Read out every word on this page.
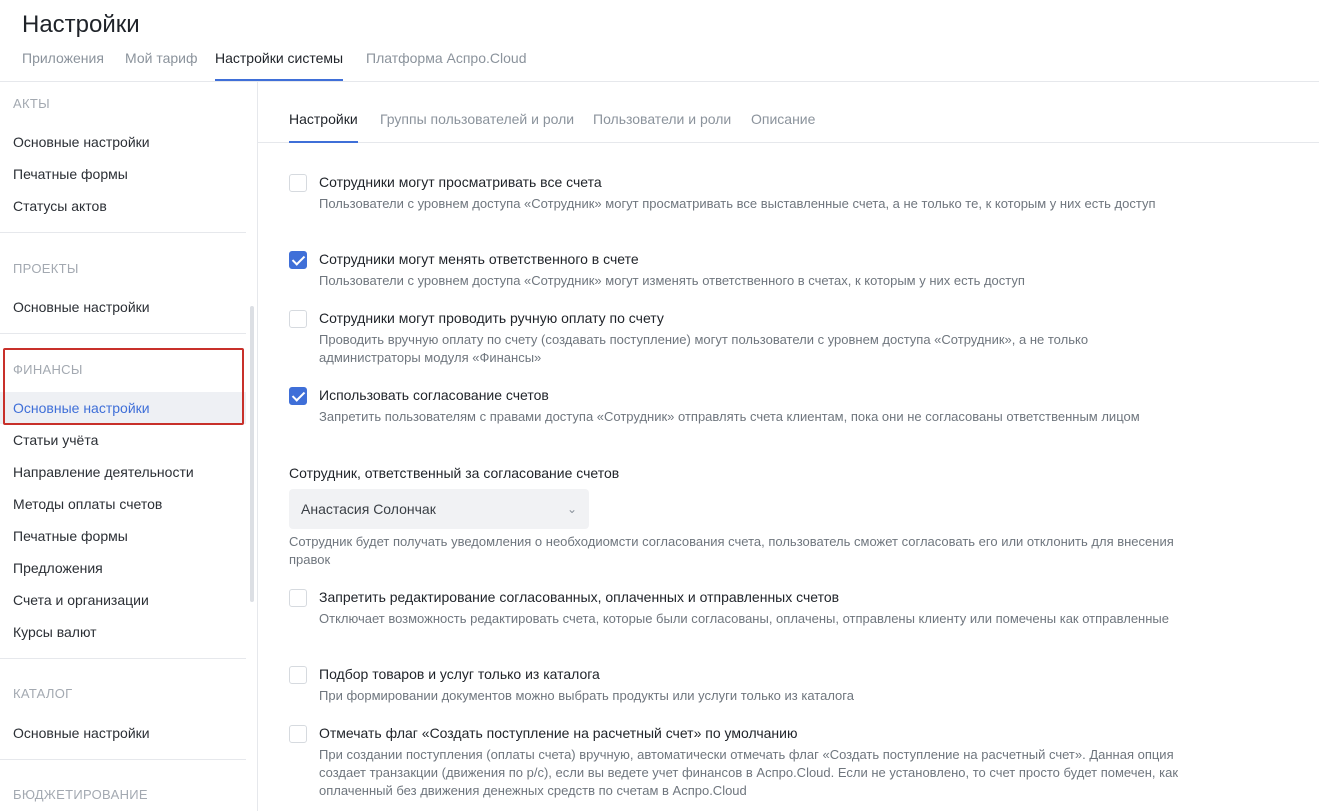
Настройки
Приложения Мой тариф Настройки системы Платформа Аспро.Cloud
АКТЫ
Основные настройки
Печатные формы
Статусы актов
ПРОЕКТЫ
Основные настройки
ФИНАНСЫ
Основные настройки
Статьи учёта
Направление деятельности
Методы оплаты счетов
Печатные формы
Предложения
Счета и организации
Курсы валют
КАТАЛОГ
Основные настройки
БЮДЖЕТИРОВАНИЕ
Настройки Группы пользователей и роли Пользователи и роли Описание
Сотрудники могут просматривать все счета
Пользователи с уровнем доступа «Сотрудник» могут просматривать все выставленные счета, а не только те, к которым у них есть доступ
Сотрудники могут менять ответственного в счете
Пользователи с уровнем доступа «Сотрудник» могут изменять ответственного в счетах, к которым у них есть доступ
Сотрудники могут проводить ручную оплату по счету
Проводить вручную оплату по счету (создавать поступление) могут пользователи с уровнем доступа «Сотрудник», а не только администраторы модуля «Финансы»
Использовать согласование счетов
Запретить пользователям с правами доступа «Сотрудник» отправлять счета клиентам, пока они не согласованы ответственным лицом
Сотрудник, ответственный за согласование счетов
Анастасия Солончак	⌄
Сотрудник будет получать уведомления о необходиомсти согласования счета, пользователь сможет согласовать его или отклонить для внесения правок
Запретить редактирование согласованных, оплаченных и отправленных счетов
Отключает возможность редактировать счета, которые были согласованы, оплачены, отправлены клиенту или помечены как отправленные
Подбор товаров и услуг только из каталога
При формировании документов можно выбрать продукты или услуги только из каталога
Отмечать флаг «Создать поступление на расчетный счет» по умолчанию
При создании поступления (оплаты счета) вручную, автоматически отмечать флаг «Создать поступление на расчетный счет». Данная опция создает транзакции (движения по р/с), если вы ведете учет финансов в Аспро.Cloud. Если не установлено, то счет просто будет помечен, как оплаченный без движения денежных средств по счетам в Аспро.Cloud
